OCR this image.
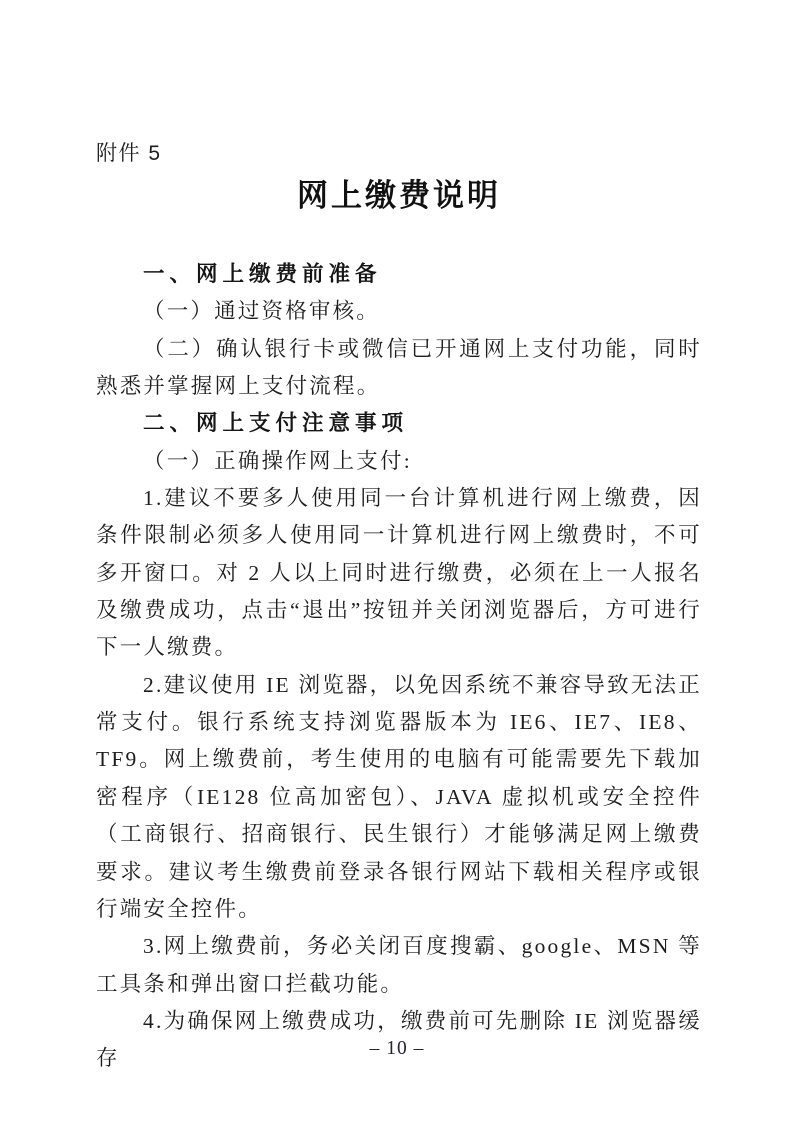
附件 5
网上缴费说明
一、网上缴费前准备

（一）通过资格审核。

（二）确认银行卡或微信已开通网上支付功能，同时熟悉并掌握网上支付流程。

二、网上支付注意事项

（一）正确操作网上支付:

1.建议不要多人使用同一台计算机进行网上缴费，因条件限制必须多人使用同一计算机进行网上缴费时，不可多开窗口。对 2 人以上同时进行缴费，必须在上一人报名及缴费成功，点击“退出”按钮并关闭浏览器后，方可进行下一人缴费。

2.建议使用 IE 浏览器，以免因系统不兼容导致无法正常支付。银行系统支持浏览器版本为 IE6、IE7、IE8、TF9。网上缴费前，考生使用的电脑有可能需要先下载加密程序（IE128 位高加密包）、JAVA 虚拟机或安全控件（工商银行、招商银行、民生银行）才能够满足网上缴费要求。建议考生缴费前登录各银行网站下载相关程序或银行端安全控件。

3.网上缴费前，务必关闭百度搜霸、google、MSN 等工具条和弹出窗口拦截功能。

4.为确保网上缴费成功，缴费前可先删除 IE 浏览器缓存	– 10 –
